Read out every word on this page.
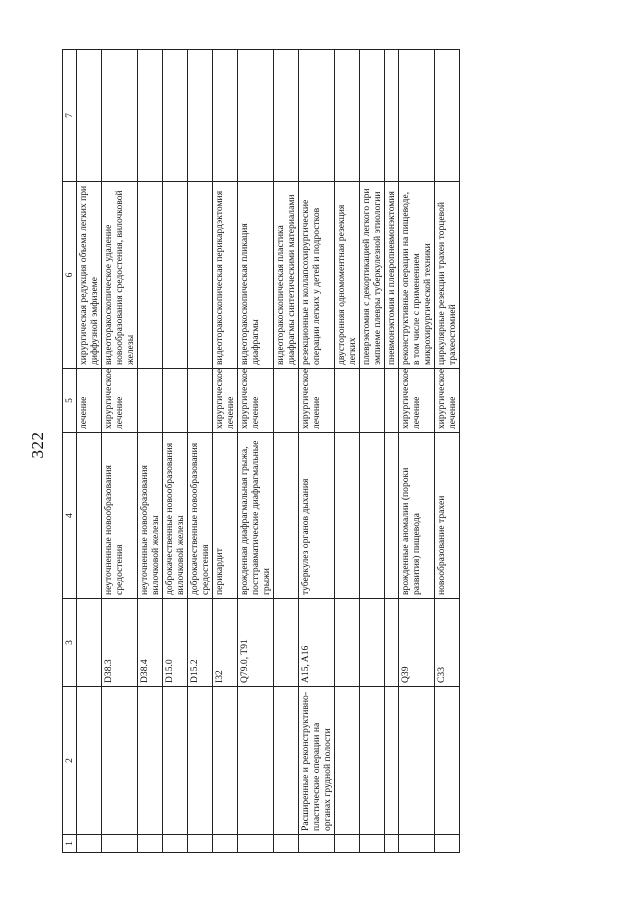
322
1	2	3	4	5	6	7
				лечение	хирургическая редукция объема легких при диффузной эмфиземе	
		D38.3	неуточненные новообразования средостения	хирургическое лечение	видеоторакоскопическое удаление новообразования средостения, вилочковой железы	
		D38.4	неуточненные новообразования вилочковой железы			
		D15.0	доброкачественные новообразования вилочковой железы			
		D15.2	доброкачественные новообразования средостения			
		I32	перикардит	хирургическое лечение	видеоторакоскопическая перикардэктомия	
		Q79.0, T91	врожденная диафрагмальная грыжа, посттравматические диафрагмальные грыжи	хирургическое лечение	видеоторакоскопическая пликация диафрагмы	
					видеоторакоскопическая пластика диафрагмы синтетическими материалами	
	Расширенные и реконструктивно-пластические операции на органах грудной полости	A15, A16	туберкулез органов дыхания	хирургическое лечение	резекционные и коллапсохирургические операции легких у детей и подростков	
					двусторонняя одномоментная резекция легких	
					плеврэктомия с декортикацией легкого при эмпиеме плевры туберкулезной этиологии	
					пневмонэктомия и плевропневмонэктомия	
		Q39	врожденные аномалии (пороки развития) пищевода	хирургическое лечение	реконструктивные операции на пищеводе, в том числе с применением микрохирургической техники	
		C33	новообразование трахеи	хирургическое лечение	циркулярные резекции трахеи торцевой трахеостомией	
